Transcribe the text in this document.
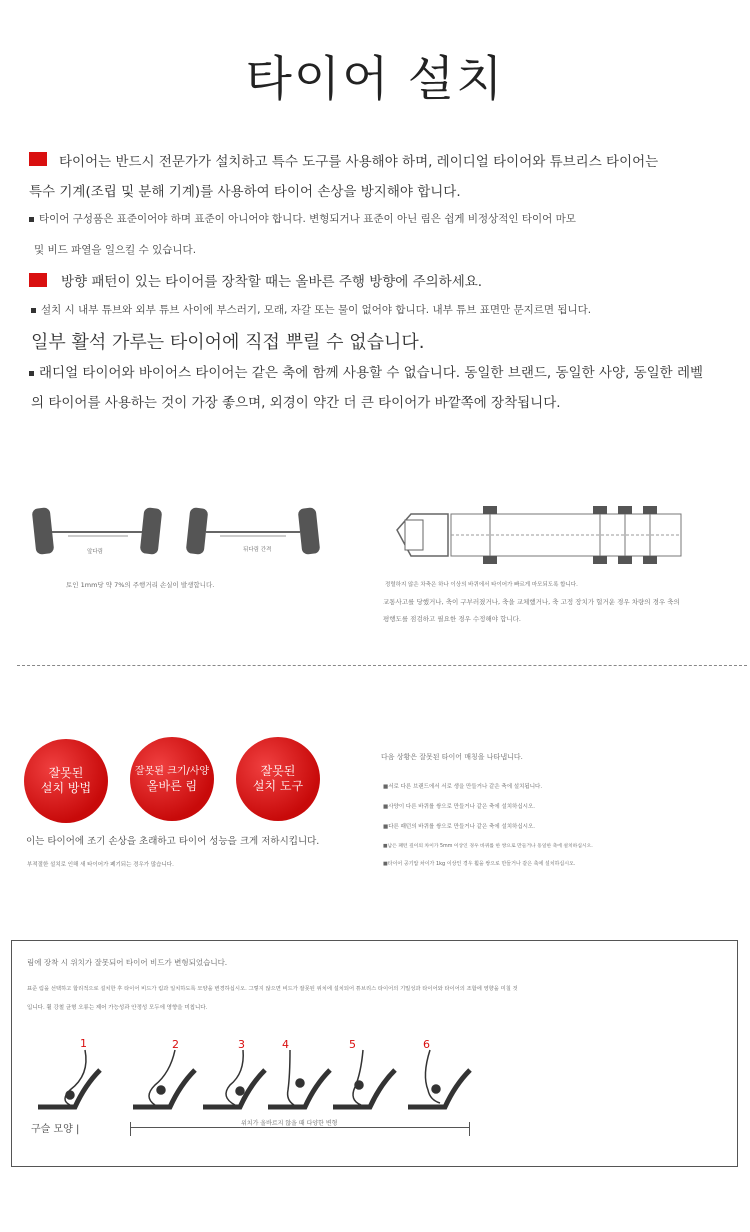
타이어 설치
타이어는 반드시 전문가가 설치하고 특수 도구를 사용해야 하며, 레이디얼 타이어와 튜브리스 타이어는
특수 기계(조립 및 분해 기계)를 사용하여 타이어 손상을 방지해야 합니다.
타이어 구성품은 표준이어야 하며 표준이 아니어야 합니다. 변형되거나 표준이 아닌 림은 쉽게 비정상적인 타이어 마모
및 비드 파열을 일으킬 수 있습니다.
방향 패턴이 있는 타이어를 장착할 때는 올바른 주행 방향에 주의하세요.
설치 시 내부 튜브와 외부 튜브 사이에 부스러기, 모래, 자갈 또는 물이 없어야 합니다. 내부 튜브 표면만 문지르면 됩니다.
일부 활석 가루는 타이어에 직접 뿌릴 수 없습니다.
래디얼 타이어와 바이어스 타이어는 같은 축에 함께 사용할 수 없습니다. 동일한 브랜드, 동일한 사양, 동일한 레벨
의 타이어를 사용하는 것이 가장 좋으며, 외경이 약간 더 큰 타이어가 바깥쪽에 장착됩니다.
앞다림	뒤다림 간격
토인 1mm당 약 7%의 주행거리 손실이 발생합니다.	정렬하지 않은 차축은 하나 이상의 바퀴에서 타이어가 빠르게 마모되도록 합니다.
교통사고를 당했거나, 축이 구부러졌거나, 축을 교체했거나, 축 고정 장치가 헐거운 경우 차량의 경우 축의
평행도를 점검하고 필요한 경우 수정해야 합니다.
잘못된
설치 방법
잘못된 크기/사양
올바른 림
잘못된
설치 도구
이는 타이어에 조기 손상을 초래하고 타이어 성능을 크게 저하시킵니다.
부적절한 설치로 인해 새 타이어가 폐기되는 경우가 많습니다.
다음 상황은 잘못된 타이어 매칭을 나타냅니다.
■서로 다른 브랜드에서 서로 생을 만들거나 같은 축에 설치됩니다.
■사양이 다른 바퀴를 쌍으로 만들거나 같은 축에 설치하십시오.
■다른 패턴의 바퀴를 쌍으로 만들거나 같은 축에 설치하십시오.
■남은 패턴 깊이의 차이가 5mm 이상인 경우 바퀴를 한 쌍으로 만들거나 동일한 축에 설치하십시오.
■타이어 공기압 차이가 1kg 이상인 경우 휠을 쌍으로 만들거나 같은 축에 설치하십시오.
림에 장착 시 위치가 잘못되어 타이어 비드가 변형되었습니다.
표준 림을 선택하고 합리적으로 설치한 후 타이어 비드가 림과 일치하도록 모양을 변경하십시오. 그렇지 않으면 비드가 잘못된 위치에 설치되어 튜브리스 타이어의 기밀성과 타이어와 타이어의 조합에 영향을 미칠 것
입니다. 휠 강철 균형 오류는 제어 가능성과 안정성 모두에 영향을 미칩니다.
1	2	3	4	5	6
구슬 모양 |
위치가 올바르지 않을 때 다양한 변형
